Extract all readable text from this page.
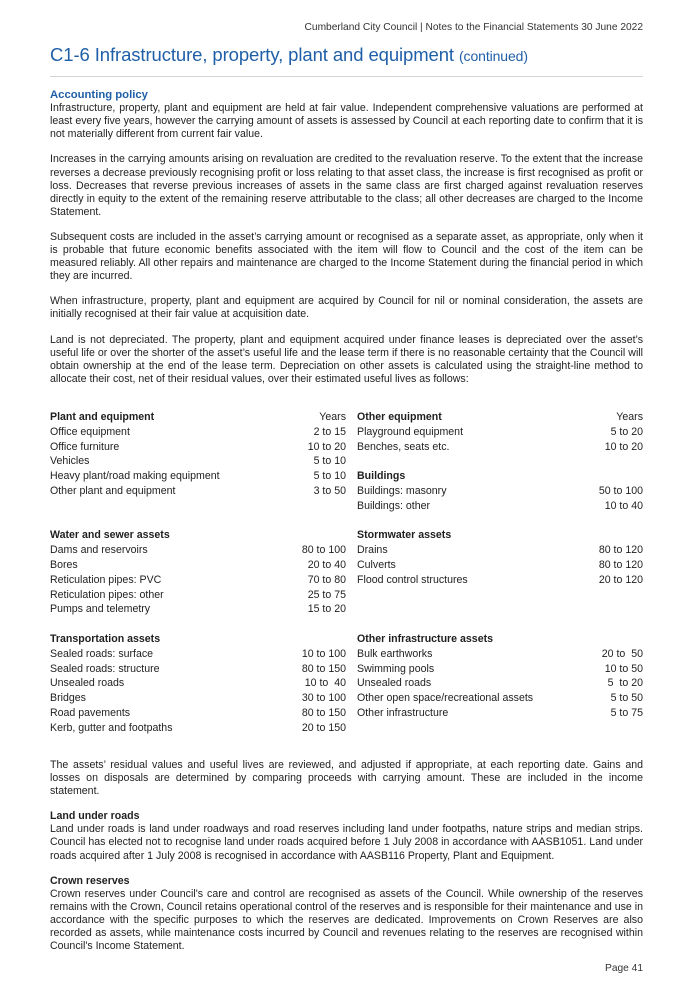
Cumberland City Council | Notes to the Financial Statements 30 June 2022
C1-6 Infrastructure, property, plant and equipment (continued)
Accounting policy

Infrastructure, property, plant and equipment are held at fair value. Independent comprehensive valuations are performed at least every five years, however the carrying amount of assets is assessed by Council at each reporting date to confirm that it is not materially different from current fair value.

Increases in the carrying amounts arising on revaluation are credited to the revaluation reserve. To the extent that the increase reverses a decrease previously recognising profit or loss relating to that asset class, the increase is first recognised as profit or loss. Decreases that reverse previous increases of assets in the same class are first charged against revaluation reserves directly in equity to the extent of the remaining reserve attributable to the class; all other decreases are charged to the Income Statement.

Subsequent costs are included in the asset’s carrying amount or recognised as a separate asset, as appropriate, only when it is probable that future economic benefits associated with the item will flow to Council and the cost of the item can be measured reliably. All other repairs and maintenance are charged to the Income Statement during the financial period in which they are incurred.

When infrastructure, property, plant and equipment are acquired by Council for nil or nominal consideration, the assets are initially recognised at their fair value at acquisition date.

Land is not depreciated. The property, plant and equipment acquired under finance leases is depreciated over the asset’s useful life or over the shorter of the asset’s useful life and the lease term if there is no reasonable certainty that the Council will obtain ownership at the end of the lease term. Depreciation on other assets is calculated using the straight-line method to allocate their cost, net of their residual values, over their estimated useful lives as follows:

Plant and equipment	Years
Office equipment	2 to 15
Office furniture	10 to 20
Vehicles	5 to 10
Heavy plant/road making equipment	5 to 10
Other plant and equipment	3 to 50
Water and sewer assets
Dams and reservoirs	80 to 100
Bores	20 to 40
Reticulation pipes: PVC	70 to 80
Reticulation pipes: other	25 to 75
Pumps and telemetry	15 to 20
Transportation assets
Sealed roads: surface	10 to 100
Sealed roads: structure	80 to 150
Unsealed roads	10 to  40
Bridges	30 to 100
Road pavements	80 to 150
Kerb, gutter and footpaths	20 to 150
Other equipment	Years
Playground equipment	5 to 20
Benches, seats etc.	10 to 20
Buildings
Buildings: masonry	50 to 100
Buildings: other	10 to 40
Stormwater assets
Drains	80 to 120
Culverts	80 to 120
Flood control structures	20 to 120
Other infrastructure assets
Bulk earthworks	20 to  50
Swimming pools	10 to 50
Unsealed roads	5  to 20
Other open space/recreational assets	5 to 50
Other infrastructure	5 to 75

The assets’ residual values and useful lives are reviewed, and adjusted if appropriate, at each reporting date. Gains and losses on disposals are determined by comparing proceeds with carrying amount. These are included in the income statement.

Land under roads

Land under roads is land under roadways and road reserves including land under footpaths, nature strips and median strips. Council has elected not to recognise land under roads acquired before 1 July 2008 in accordance with AASB1051. Land under roads acquired after 1 July 2008 is recognised in accordance with AASB116 Property, Plant and Equipment.

Crown reserves

Crown reserves under Council's care and control are recognised as assets of the Council. While ownership of the reserves remains with the Crown, Council retains operational control of the reserves and is responsible for their maintenance and use in accordance with the specific purposes to which the reserves are dedicated. Improvements on Crown Reserves are also recorded as assets, while maintenance costs incurred by Council and revenues relating to the reserves are recognised within Council's Income Statement.

Page 41
